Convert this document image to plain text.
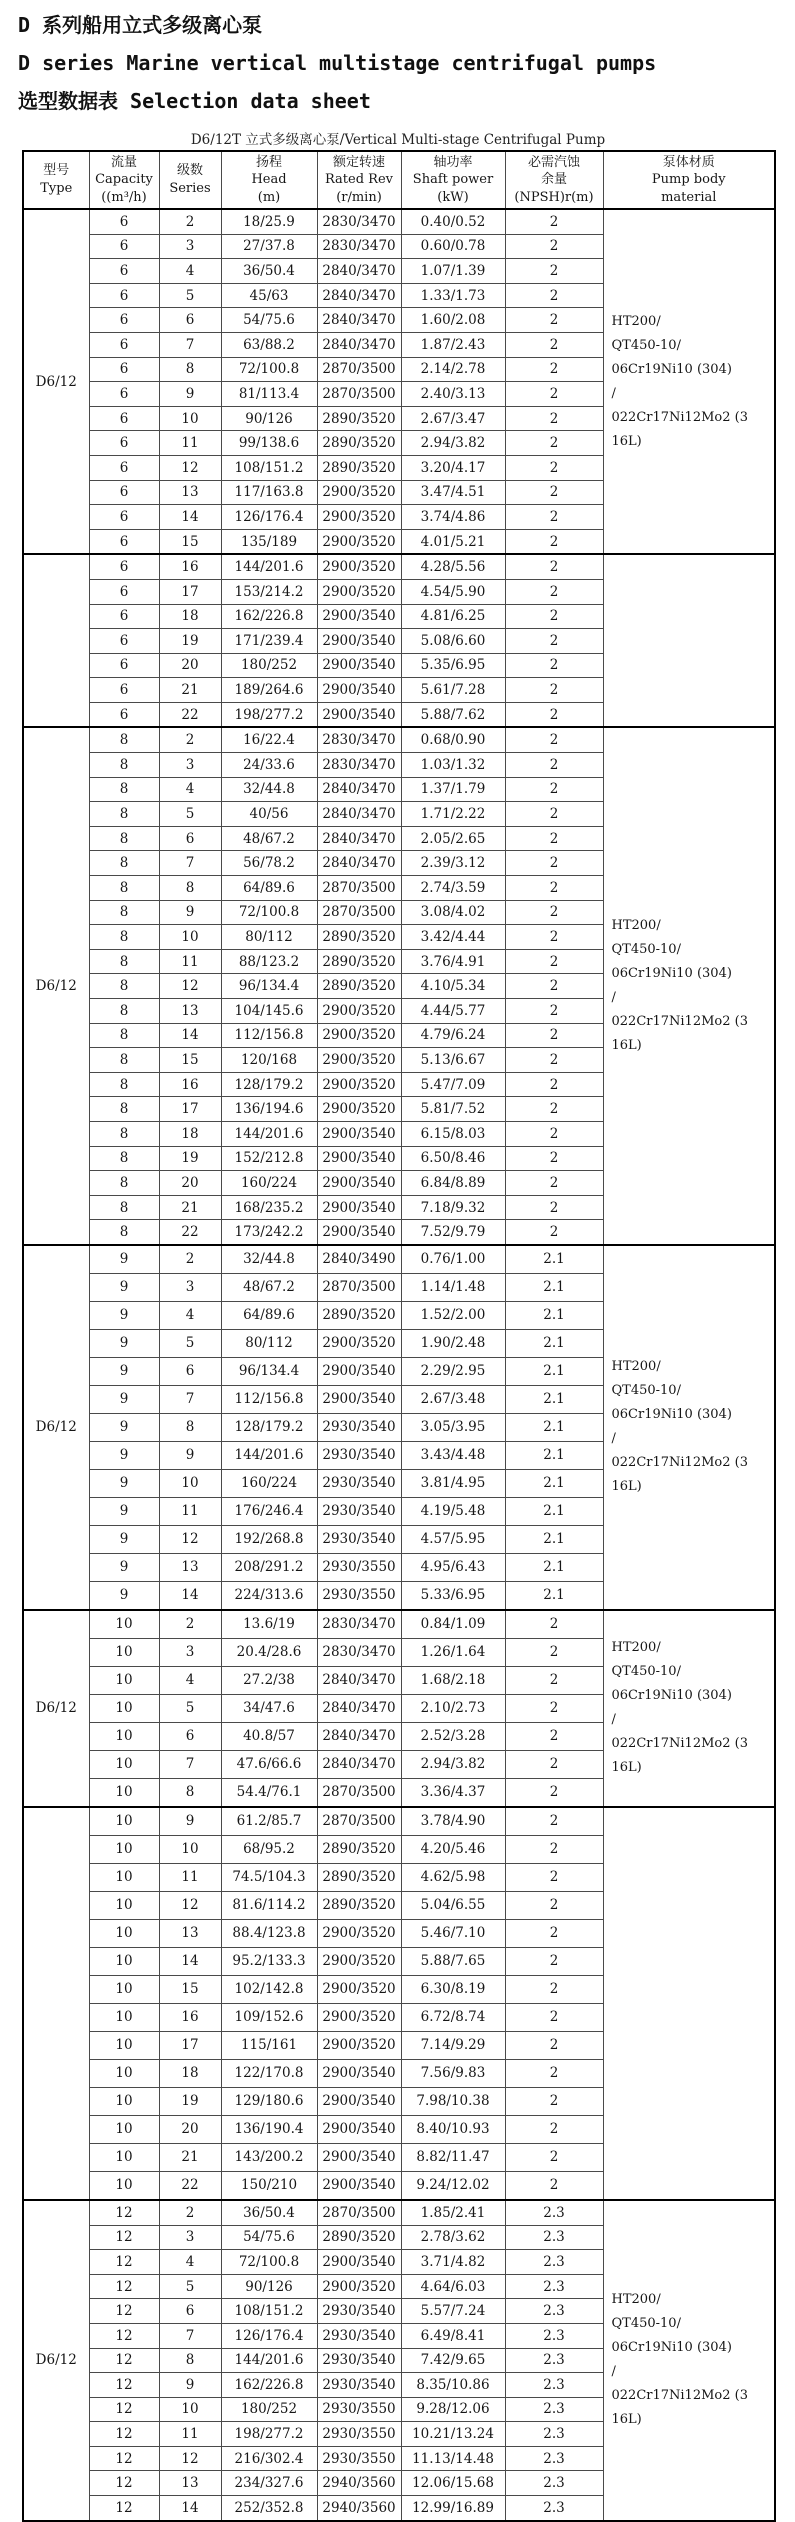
D 系列船用立式多级离心泵
D series Marine vertical multistage centrifugal pumps
选型数据表 Selection data sheet
D6/12T 立式多级离心泵/Vertical Multi-stage Centrifugal Pump
型号
Type

流量
Capacity
((m³/h)

级数
Series

扬程
Head
(m)

额定转速
Rated Rev
(r/min)

轴功率
Shaft power
(kW)

必需汽蚀
余量
(NPSH)r(m)

泵体材质
Pump body
material

D6/12	6	2	18/25.9	2830/3470	0.40/0.52	2	
HT200/
QT450-10/
06Cr19Ni10 (304)
/
022Cr17Ni12Mo2 (3
16L)

	6	3	27/37.8	2830/3470	0.60/0.78	2	
	6	4	36/50.4	2840/3470	1.07/1.39	2	
	6	5	45/63	2840/3470	1.33/1.73	2	
	6	6	54/75.6	2840/3470	1.60/2.08	2	
	6	7	63/88.2	2840/3470	1.87/2.43	2	
	6	8	72/100.8	2870/3500	2.14/2.78	2	
	6	9	81/113.4	2870/3500	2.40/3.13	2	
	6	10	90/126	2890/3520	2.67/3.47	2	
	6	11	99/138.6	2890/3520	2.94/3.82	2	
	6	12	108/151.2	2890/3520	3.20/4.17	2	
	6	13	117/163.8	2900/3520	3.47/4.51	2	
	6	14	126/176.4	2900/3520	3.74/4.86	2	
	6	15	135/189	2900/3520	4.01/5.21	2	
	6	16	144/201.6	2900/3520	4.28/5.56	2	
	6	17	153/214.2	2900/3520	4.54/5.90	2	
	6	18	162/226.8	2900/3540	4.81/6.25	2	
	6	19	171/239.4	2900/3540	5.08/6.60	2	
	6	20	180/252	2900/3540	5.35/6.95	2	
	6	21	189/264.6	2900/3540	5.61/7.28	2	
	6	22	198/277.2	2900/3540	5.88/7.62	2	
D6/12	8	2	16/22.4	2830/3470	0.68/0.90	2	
HT200/
QT450-10/
06Cr19Ni10 (304)
/
022Cr17Ni12Mo2 (3
16L)

	8	3	24/33.6	2830/3470	1.03/1.32	2	
	8	4	32/44.8	2840/3470	1.37/1.79	2	
	8	5	40/56	2840/3470	1.71/2.22	2	
	8	6	48/67.2	2840/3470	2.05/2.65	2	
	8	7	56/78.2	2840/3470	2.39/3.12	2	
	8	8	64/89.6	2870/3500	2.74/3.59	2	
	8	9	72/100.8	2870/3500	3.08/4.02	2	
	8	10	80/112	2890/3520	3.42/4.44	2	
	8	11	88/123.2	2890/3520	3.76/4.91	2	
	8	12	96/134.4	2890/3520	4.10/5.34	2	
	8	13	104/145.6	2900/3520	4.44/5.77	2	
	8	14	112/156.8	2900/3520	4.79/6.24	2	
	8	15	120/168	2900/3520	5.13/6.67	2	
	8	16	128/179.2	2900/3520	5.47/7.09	2	
	8	17	136/194.6	2900/3520	5.81/7.52	2	
	8	18	144/201.6	2900/3540	6.15/8.03	2	
	8	19	152/212.8	2900/3540	6.50/8.46	2	
	8	20	160/224	2900/3540	6.84/8.89	2	
	8	21	168/235.2	2900/3540	7.18/9.32	2	
	8	22	173/242.2	2900/3540	7.52/9.79	2	
D6/12	9	2	32/44.8	2840/3490	0.76/1.00	2.1	
HT200/
QT450-10/
06Cr19Ni10 (304)
/
022Cr17Ni12Mo2 (3
16L)

	9	3	48/67.2	2870/3500	1.14/1.48	2.1	
	9	4	64/89.6	2890/3520	1.52/2.00	2.1	
	9	5	80/112	2900/3520	1.90/2.48	2.1	
	9	6	96/134.4	2900/3540	2.29/2.95	2.1	
	9	7	112/156.8	2900/3540	2.67/3.48	2.1	
	9	8	128/179.2	2930/3540	3.05/3.95	2.1	
	9	9	144/201.6	2930/3540	3.43/4.48	2.1	
	9	10	160/224	2930/3540	3.81/4.95	2.1	
	9	11	176/246.4	2930/3540	4.19/5.48	2.1	
	9	12	192/268.8	2930/3540	4.57/5.95	2.1	
	9	13	208/291.2	2930/3550	4.95/6.43	2.1	
	9	14	224/313.6	2930/3550	5.33/6.95	2.1	
D6/12	10	2	13.6/19	2830/3470	0.84/1.09	2	
HT200/
QT450-10/
06Cr19Ni10 (304)
/
022Cr17Ni12Mo2 (3
16L)

	10	3	20.4/28.6	2830/3470	1.26/1.64	2	
	10	4	27.2/38	2840/3470	1.68/2.18	2	
	10	5	34/47.6	2840/3470	2.10/2.73	2	
	10	6	40.8/57	2840/3470	2.52/3.28	2	
	10	7	47.6/66.6	2840/3470	2.94/3.82	2	
	10	8	54.4/76.1	2870/3500	3.36/4.37	2	
	10	9	61.2/85.7	2870/3500	3.78/4.90	2	
	10	10	68/95.2	2890/3520	4.20/5.46	2	
	10	11	74.5/104.3	2890/3520	4.62/5.98	2	
	10	12	81.6/114.2	2890/3520	5.04/6.55	2	
	10	13	88.4/123.8	2900/3520	5.46/7.10	2	
	10	14	95.2/133.3	2900/3520	5.88/7.65	2	
	10	15	102/142.8	2900/3520	6.30/8.19	2	
	10	16	109/152.6	2900/3520	6.72/8.74	2	
	10	17	115/161	2900/3520	7.14/9.29	2	
	10	18	122/170.8	2900/3540	7.56/9.83	2	
	10	19	129/180.6	2900/3540	7.98/10.38	2	
	10	20	136/190.4	2900/3540	8.40/10.93	2	
	10	21	143/200.2	2900/3540	8.82/11.47	2	
	10	22	150/210	2900/3540	9.24/12.02	2	
D6/12	12	2	36/50.4	2870/3500	1.85/2.41	2.3	
HT200/
QT450-10/
06Cr19Ni10 (304)
/
022Cr17Ni12Mo2 (3
16L)

	12	3	54/75.6	2890/3520	2.78/3.62	2.3	
	12	4	72/100.8	2900/3540	3.71/4.82	2.3	
	12	5	90/126	2900/3520	4.64/6.03	2.3	
	12	6	108/151.2	2930/3540	5.57/7.24	2.3	
	12	7	126/176.4	2930/3540	6.49/8.41	2.3	
	12	8	144/201.6	2930/3540	7.42/9.65	2.3	
	12	9	162/226.8	2930/3540	8.35/10.86	2.3	
	12	10	180/252	2930/3550	9.28/12.06	2.3	
	12	11	198/277.2	2930/3550	10.21/13.24	2.3	
	12	12	216/302.4	2930/3550	11.13/14.48	2.3	
	12	13	234/327.6	2940/3560	12.06/15.68	2.3	
	12	14	252/352.8	2940/3560	12.99/16.89	2.3	
